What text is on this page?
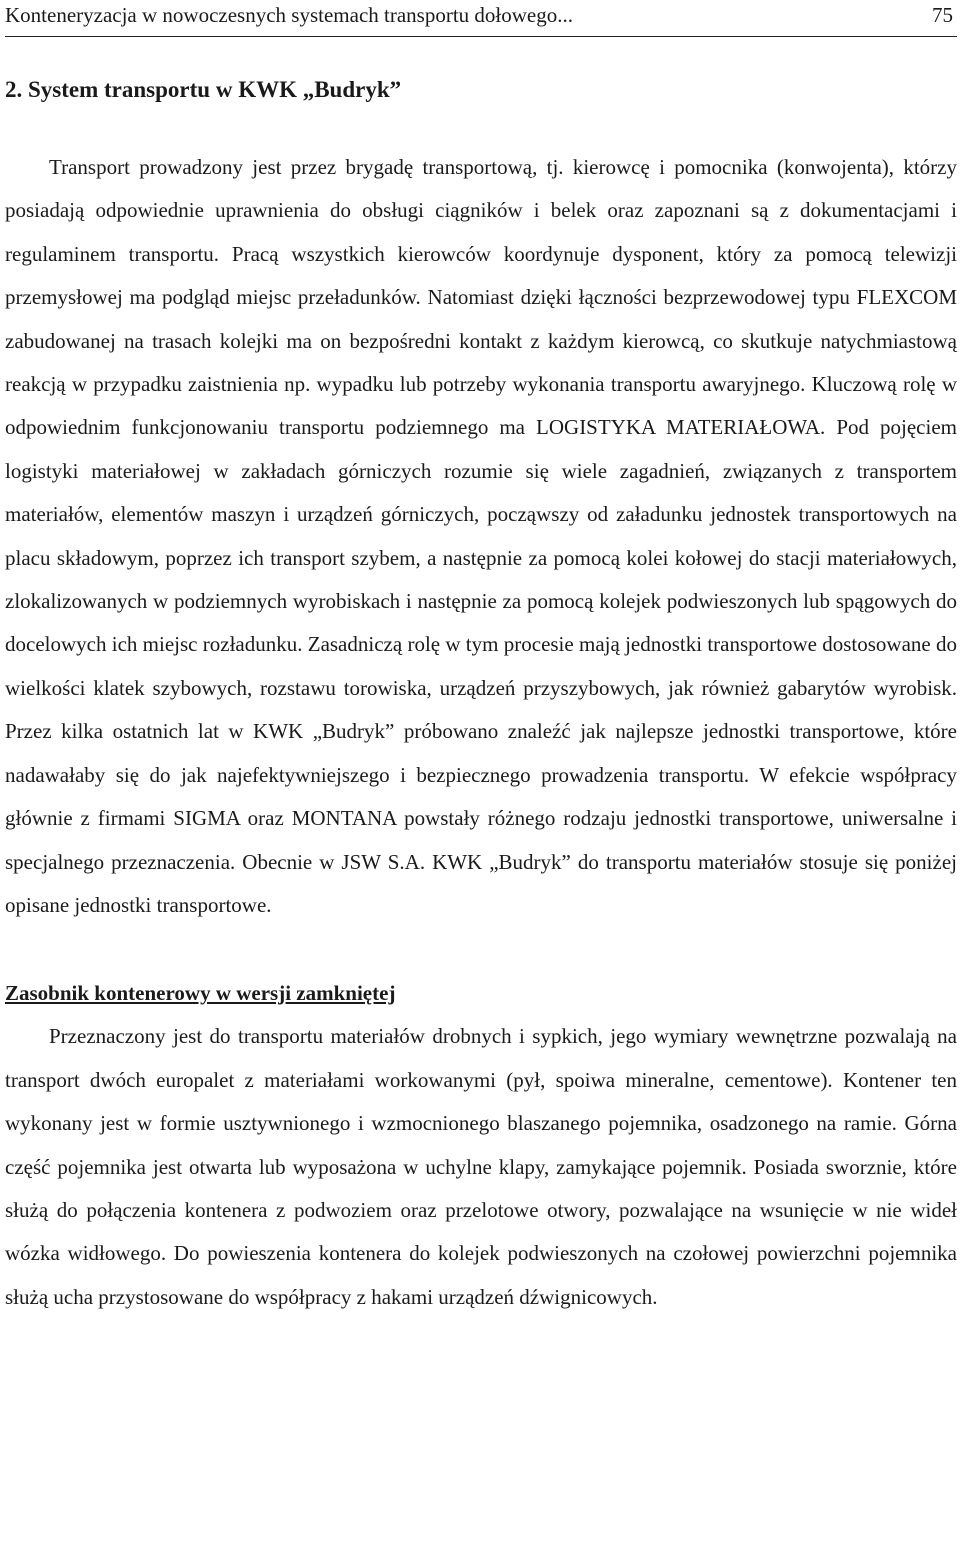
Konteneryzacja w nowoczesnych systemach transportu dołowego...	75
2. System transportu w KWK „Budryk”

Transport prowadzony jest przez brygadę transportową, tj. kierowcę i pomocnika (konwojenta), którzy posiadają odpowiednie uprawnienia do obsługi ciągników i belek oraz zapoznani są z dokumentacjami i regulaminem transportu. Pracą wszystkich kierowców koordynuje dysponent, który za pomocą telewizji przemysłowej ma podgląd miejsc przeładunków. Natomiast dzięki łączności bezprzewodowej typu FLEXCOM zabudowanej na trasach kolejki ma on bezpośredni kontakt z każdym kierowcą, co skutkuje natychmiastową reakcją w przypadku zaistnienia np. wypadku lub potrzeby wykonania transportu awaryjnego. Kluczową rolę w odpowiednim funkcjonowaniu transportu podziemnego ma LOGISTYKA MATERIAŁOWA. Pod pojęciem logistyki materiałowej w zakładach górniczych rozumie się wiele zagadnień, związanych z transportem materiałów, elementów maszyn i urządzeń górniczych, począwszy od załadunku jednostek transportowych na placu składowym, poprzez ich transport szybem, a następnie za pomocą kolei kołowej do stacji materiałowych, zlokalizowanych w podziemnych wyrobiskach i następnie za pomocą kolejek podwieszonych lub spągowych do docelowych ich miejsc rozładunku. Zasadniczą rolę w tym procesie mają jednostki transportowe dostosowane do wielkości klatek szybowych, rozstawu torowiska, urządzeń przyszybowych, jak również gabarytów wyrobisk. Przez kilka ostatnich lat w KWK „Budryk” próbowano znaleźć jak najlepsze jednostki transportowe, które nadawałaby się do jak najefektywniejszego i bezpiecznego prowadzenia transportu. W efekcie współpracy głównie z firmami SIGMA oraz MONTANA powstały różnego rodzaju jednostki transportowe, uniwersalne i specjalnego przeznaczenia. Obecnie w JSW S.A. KWK „Budryk” do transportu materiałów stosuje się poniżej opisane jednostki transportowe.

Zasobnik kontenerowy w wersji zamkniętej

Przeznaczony jest do transportu materiałów drobnych i sypkich, jego wymiary wewnętrzne pozwalają na transport dwóch europalet z materiałami workowanymi (pył, spoiwa mineralne, cementowe). Kontener ten wykonany jest w formie usztywnionego i wzmocnionego blaszanego pojemnika, osadzonego na ramie. Górna część pojemnika jest otwarta lub wyposażona w uchylne klapy, zamykające pojemnik. Posiada sworznie, które służą do połączenia kontenera z podwoziem oraz przelotowe otwory, pozwalające na wsunięcie w nie wideł wózka widłowego. Do powieszenia kontenera do kolejek podwieszonych na czołowej powierzchni pojemnika służą ucha przystosowane do współpracy z hakami urządzeń dźwignicowych.
